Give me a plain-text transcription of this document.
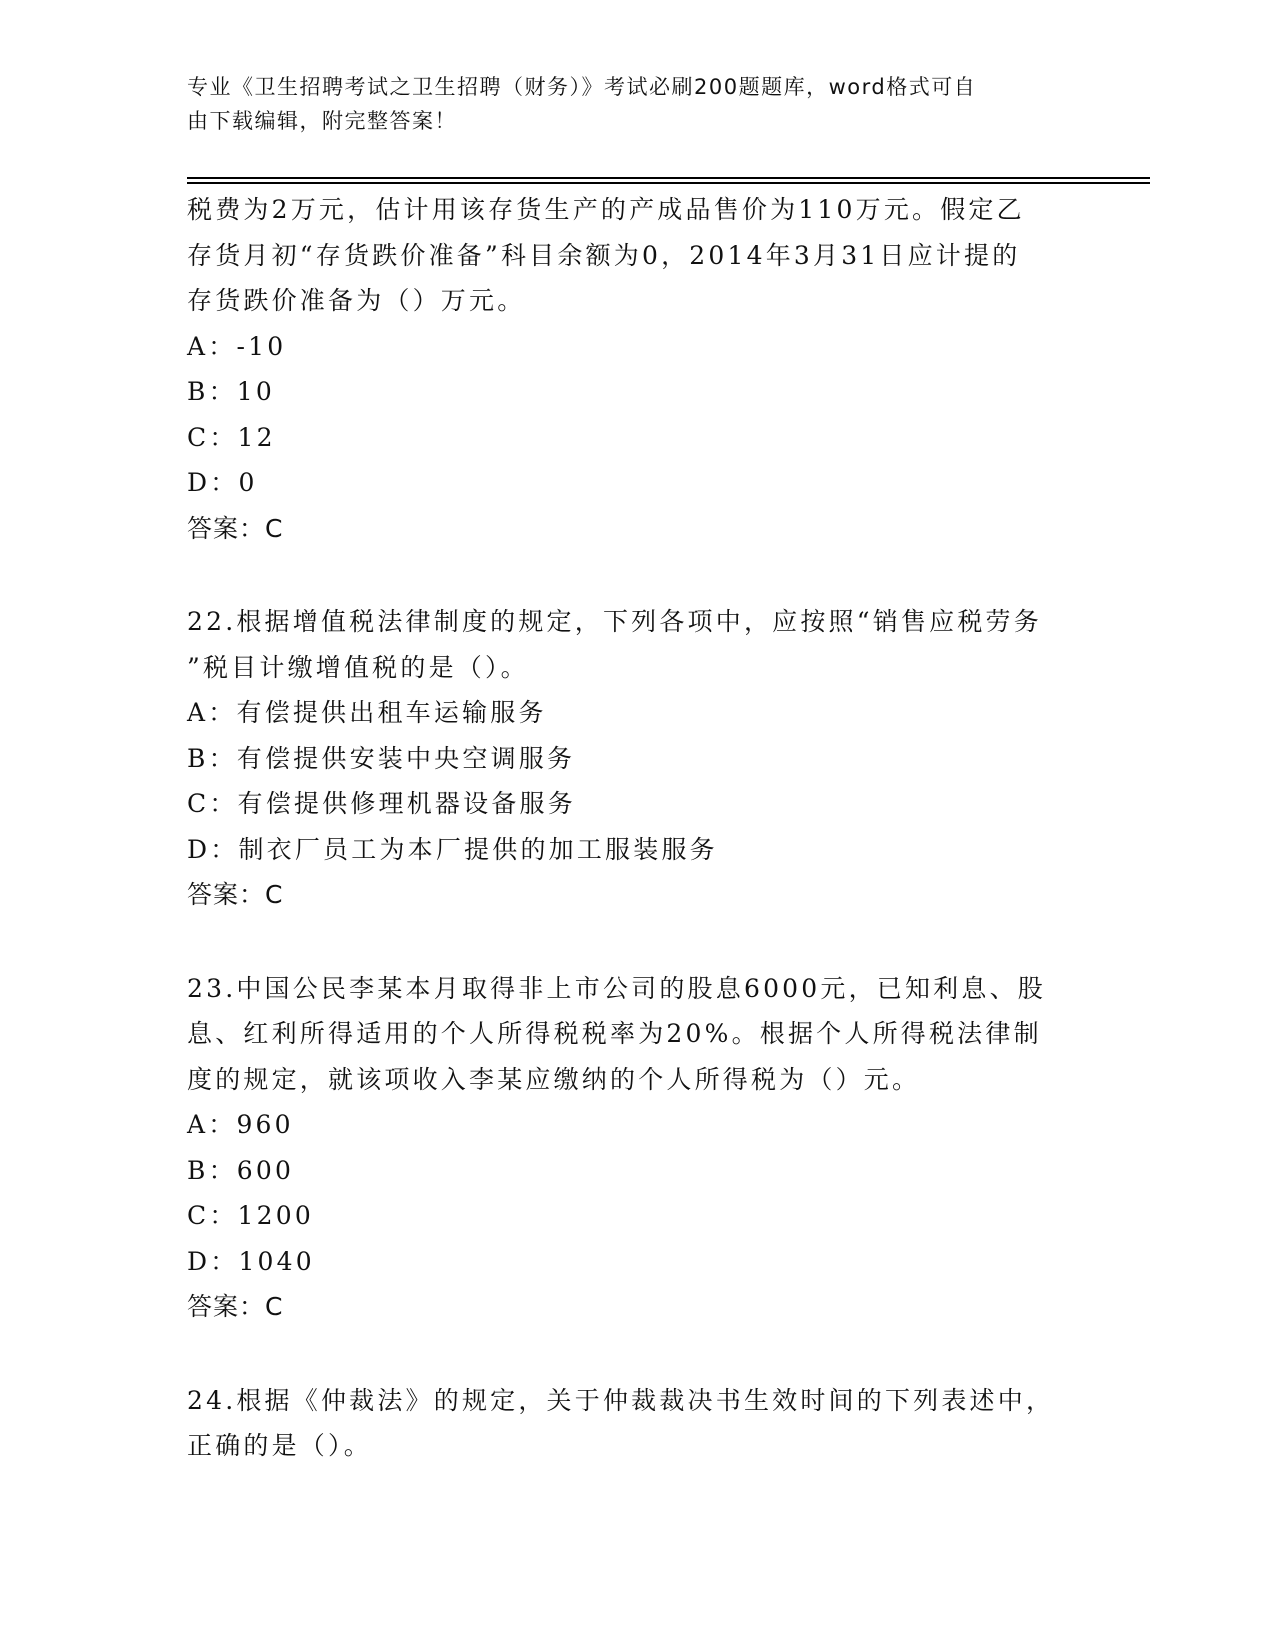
专业《卫生招聘考试之卫生招聘（财务）》考试必刷200题题库，word格式可自
由下载编辑，附完整答案！
税费为2万元，估计用该存货生产的产成品售价为110万元。假定乙
存货月初“存货跌价准备”科目余额为0，2014年3月31日应计提的
存货跌价准备为（）万元。
A：-10
B：10
C：12
D：0
答案：C
22.根据增值税法律制度的规定，下列各项中，应按照“销售应税劳务
”税目计缴增值税的是（）。
A：有偿提供出租车运输服务
B：有偿提供安装中央空调服务
C：有偿提供修理机器设备服务
D：制衣厂员工为本厂提供的加工服装服务
答案：C
23.中国公民李某本月取得非上市公司的股息6000元，已知利息、股
息、红利所得适用的个人所得税税率为20%。根据个人所得税法律制
度的规定，就该项收入李某应缴纳的个人所得税为（）元。
A：960
B：600
C：1200
D：1040
答案：C
24.根据《仲裁法》的规定，关于仲裁裁决书生效时间的下列表述中，
正确的是（）。
